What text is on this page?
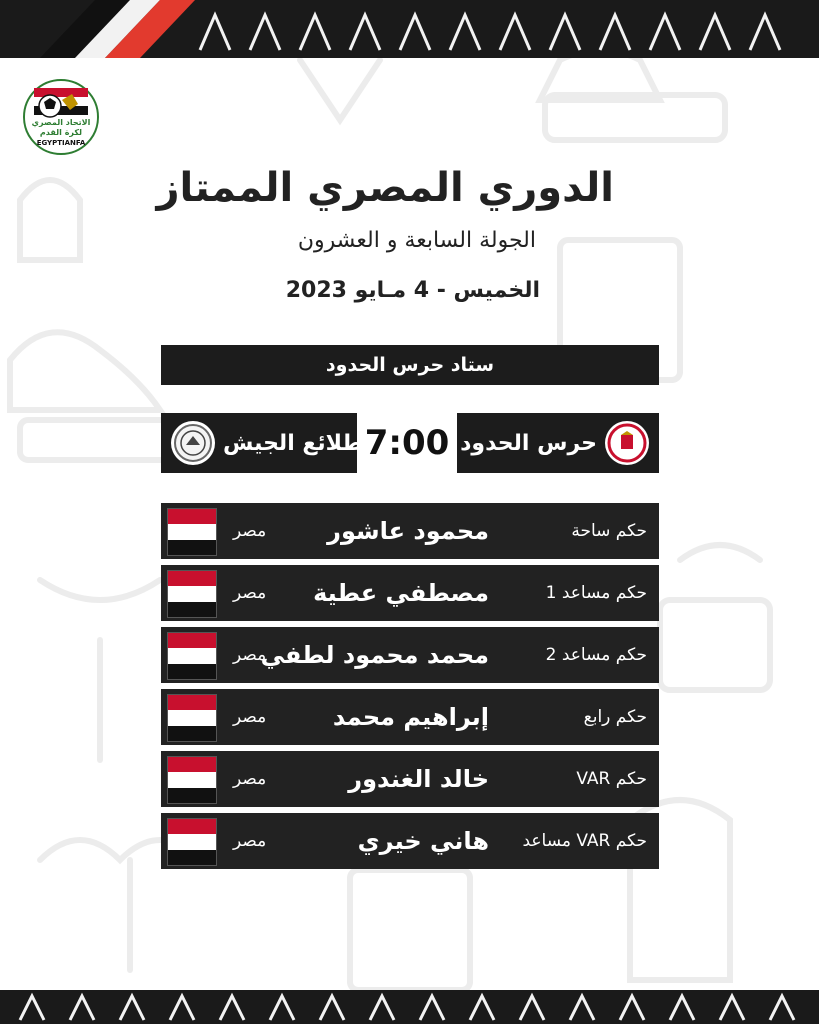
الاتحاد المصري لكرة القدم
EGYPTIANFA
الدوري المصري الممتاز
الجولة السابعة و العشرون
الخميس - 4 مـايو 2023
ستاد حرس الحدود
حرس الحدود
7:00
طلائع الجيش
حكم ساحة
محمود عاشور
مصر
حكم مساعد 1
مصطفي عطية
مصر
حكم مساعد 2
محمد محمود لطفي
مصر
حكم رابع
إبراهيم محمد
مصر
حكم VAR
خالد الغندور
مصر
حكم VAR مساعد
هاني خيري
مصر
